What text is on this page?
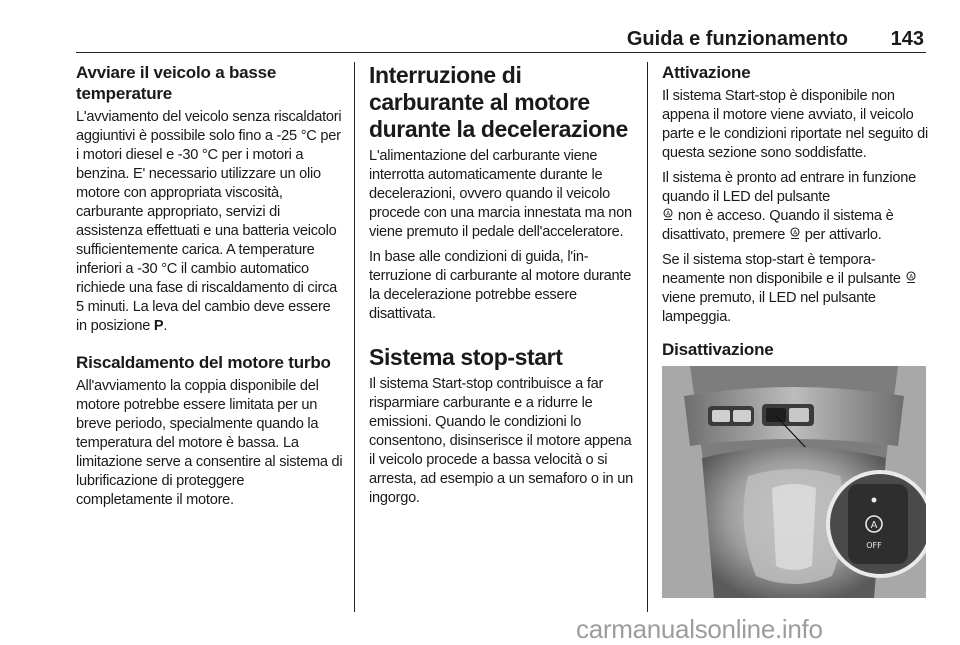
Guida e funzionamento 143
Avviare il veicolo a basse temperature

L'avviamento del veicolo senza riscaldatori aggiuntivi è possibile solo fino a -25 °C per i motori diesel e -30 °C per i motori a benzina. E' necessario utilizzare un olio motore con appropriata viscosità, carburante appropriato, servizi di assistenza effettuati e una batteria veicolo sufficientemente carica. A temperature inferiori a -30 °C il cambio automatico richiede una fase di riscaldamento di circa 5 minuti. La leva del cambio deve essere in posizione P.

Riscaldamento del motore turbo

All'avviamento la coppia disponibile del motore potrebbe essere limitata per un breve periodo, specialmente quando la temperatura del motore è bassa. La limitazione serve a consentire al sistema di lubrificazione di proteggere completamente il motore.

Interruzione di carburante al motore durante la decelerazione

L'alimentazione del carburante viene interrotta automaticamente durante le decelerazioni, ovvero quando il veicolo procede con una marcia innestata ma non viene premuto il pedale dell'acceleratore.

In base alle condizioni di guida, l'interruzione di carburante al motore durante la decelerazione potrebbe essere disattivata.

Sistema stop-start

Il sistema Start-stop contribuisce a far risparmiare carburante e a ridurre le emissioni. Quando le condizioni lo consentono, disinserisce il motore appena il veicolo procede a bassa velocità o si arresta, ad esempio a un semaforo o in un ingorgo.

Attivazione

Il sistema Start-stop è disponibile non appena il motore viene avviato, il veicolo parte e le condizioni riportate nel seguito di questa sezione sono soddisfatte.

Il sistema è pronto ad entrare in funzione quando il LED del pulsante

A non è acceso. Quando il sistema è disattivato, premere A per attivarlo.

Se il sistema stop-start è temporaneamente non disponibile e il pulsante A
viene premuto, il LED nel pulsante lampeggia.

Disattivazione
A
OFF
carmanualsonline.info
